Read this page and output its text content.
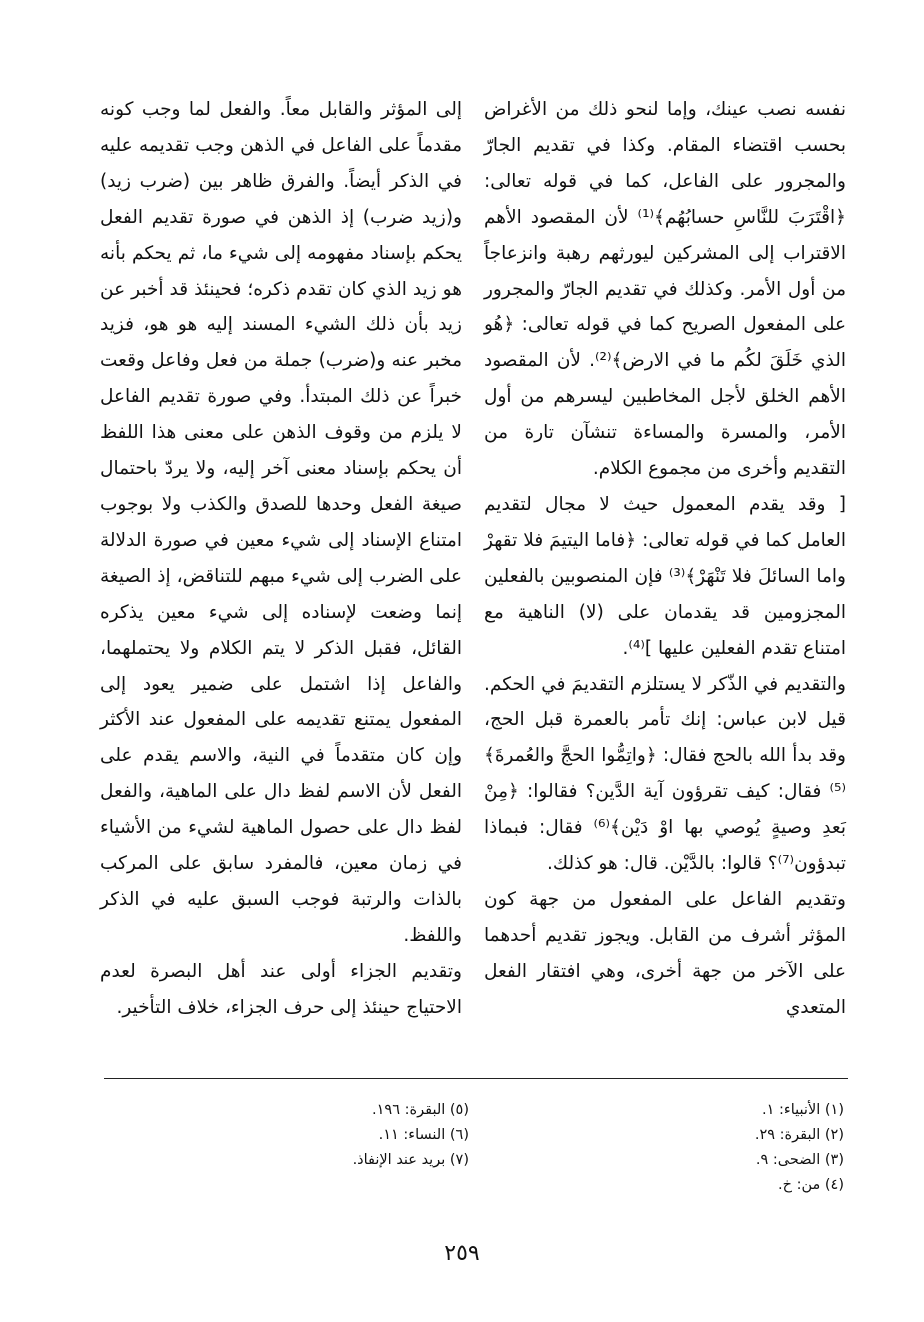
نفسه نصب عينك، وإما لنحو ذلك من الأغراض بحسب اقتضاء المقام. وكذا في تقديم الجارّ والمجرور على الفاعل، كما في قوله تعالى: ﴿اقْتَرَبَ للنَّاسِ حسابُهُم﴾⁽¹⁾ لأن المقصود الأهم الاقتراب إلى المشركين ليورثهم رهبة وانزعاجاً من أول الأمر. وكذلك في تقديم الجارّ والمجرور على المفعول الصريح كما في قوله تعالى: ﴿هُو الذي خَلَقَ لكُم ما في الارض﴾⁽²⁾. لأن المقصود الأهم الخلق لأجل المخاطبين ليسرهم من أول الأمر، والمسرة والمساءة تنشآن تارة من التقديم وأخرى من مجموع الكلام.

[ وقد يقدم المعمول حيث لا مجال لتقديم العامل كما في قوله تعالى: ﴿فاما اليتيمَ فلا تقهرْ واما السائلَ فلا تَنْهَرْ﴾⁽³⁾ فإن المنصوبين بالفعلين المجزومين قد يقدمان على (لا) الناهية مع امتناع تقدم الفعلين عليها ]⁽⁴⁾.

والتقديم في الذّكر لا يستلزم التقديمَ في الحكم. قيل لابن عباس: إنك تأمر بالعمرة قبل الحج، وقد بدأ الله بالحج فقال: ﴿واتِمُّوا الحجَّ والعُمرةَ﴾⁽⁵⁾ فقال: كيف تقرؤون آية الدَّين؟ فقالوا: ﴿مِنْ بَعدِ وصيةٍ يُوصي بها اوْ دَيْن﴾⁽⁶⁾ فقال: فبماذا تبدؤون⁽⁷⁾؟ قالوا: بالدَّيْن. قال: هو كذلك.

وتقديم الفاعل على المفعول من جهة كون المؤثر أشرف من القابل. ويجوز تقديم أحدهما على الآخر من جهة أخرى، وهي افتقار الفعل المتعدي

إلى المؤثر والقابل معاً. والفعل لما وجب كونه مقدماً على الفاعل في الذهن وجب تقديمه عليه في الذكر أيضاً. والفرق ظاهر بين (ضرب زيد) و(زيد ضرب) إذ الذهن في صورة تقديم الفعل يحكم بإسناد مفهومه إلى شيء ما، ثم يحكم بأنه هو زيد الذي كان تقدم ذكره؛ فحينئذ قد أخبر عن زيد بأن ذلك الشيء المسند إليه هو هو، فزيد مخبر عنه و(ضرب) جملة من فعل وفاعل وقعت خبراً عن ذلك المبتدأ. وفي صورة تقديم الفاعل لا يلزم من وقوف الذهن على معنى هذا اللفظ أن يحكم بإسناد معنى آخر إليه، ولا يردّ باحتمال صيغة الفعل وحدها للصدق والكذب ولا بوجوب امتناع الإسناد إلى شيء معين في صورة الدلالة على الضرب إلى شيء مبهم للتناقض، إذ الصيغة إنما وضعت لإسناده إلى شيء معين يذكره القائل، فقبل الذكر لا يتم الكلام ولا يحتملهما، والفاعل إذا اشتمل على ضمير يعود إلى المفعول يمتنع تقديمه على المفعول عند الأكثر وإن كان متقدماً في النية، والاسم يقدم على الفعل لأن الاسم لفظ دال على الماهية، والفعل لفظ دال على حصول الماهية لشيء من الأشياء في زمان معين، فالمفرد سابق على المركب بالذات والرتبة فوجب السبق عليه في الذكر واللفظ.

وتقديم الجزاء أولى عند أهل البصرة لعدم الاحتياج حينئذ إلى حرف الجزاء، خلاف التأخير.

(١) الأنبياء: ١.
(٢) البقرة: ٢٩.
(٣) الضحى: ٩.
(٤) من: خ.
(٥) البقرة: ١٩٦.
(٦) النساء: ١١.
(٧) بريد عند الإنفاذ.
٢٥٩
